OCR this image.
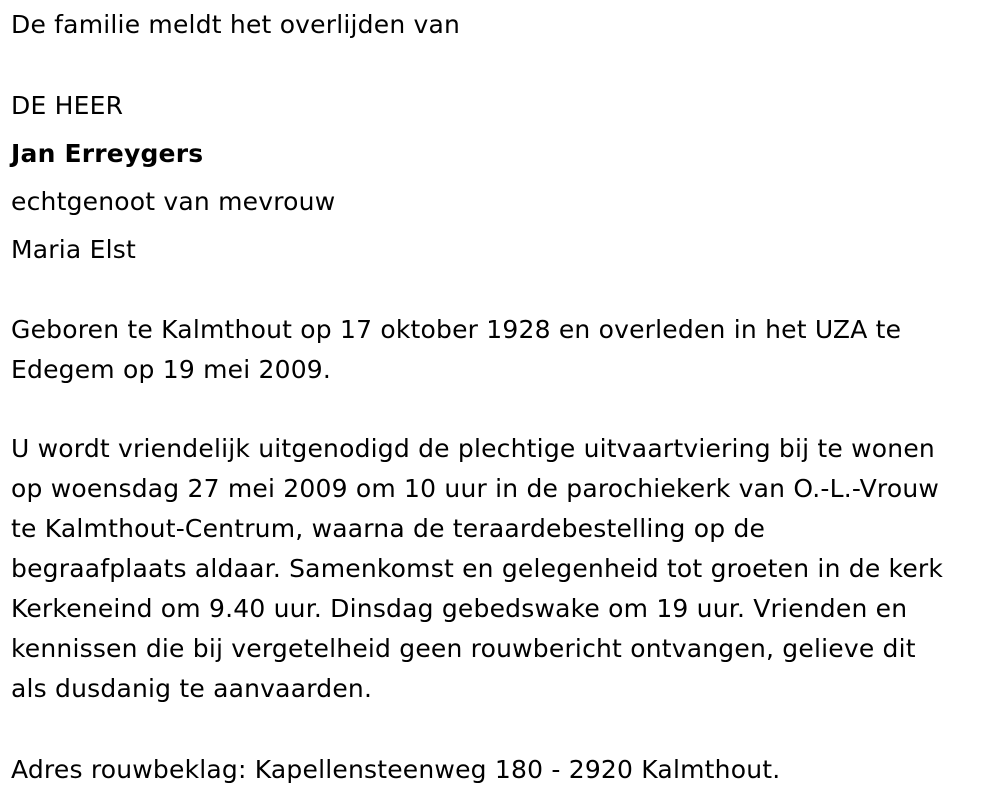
De familie meldt het overlijden van
DE HEER
Jan Erreygers
echtgenoot van mevrouw
Maria Elst
Geboren te Kalmthout op 17 oktober 1928 en overleden in het UZA te
Edegem op 19 mei 2009.
U wordt vriendelijk uitgenodigd de plechtige uitvaartviering bij te wonen
op woensdag 27 mei 2009 om 10 uur in de parochiekerk van O.-L.-Vrouw
te Kalmthout-Centrum, waarna de teraardebestelling op de
begraafplaats aldaar. Samenkomst en gelegenheid tot groeten in de kerk
Kerkeneind om 9.40 uur. Dinsdag gebedswake om 19 uur. Vrienden en
kennissen die bij vergetelheid geen rouwbericht ontvangen, gelieve dit
als dusdanig te aanvaarden.
Adres rouwbeklag: Kapellensteenweg 180 - 2920 Kalmthout.
